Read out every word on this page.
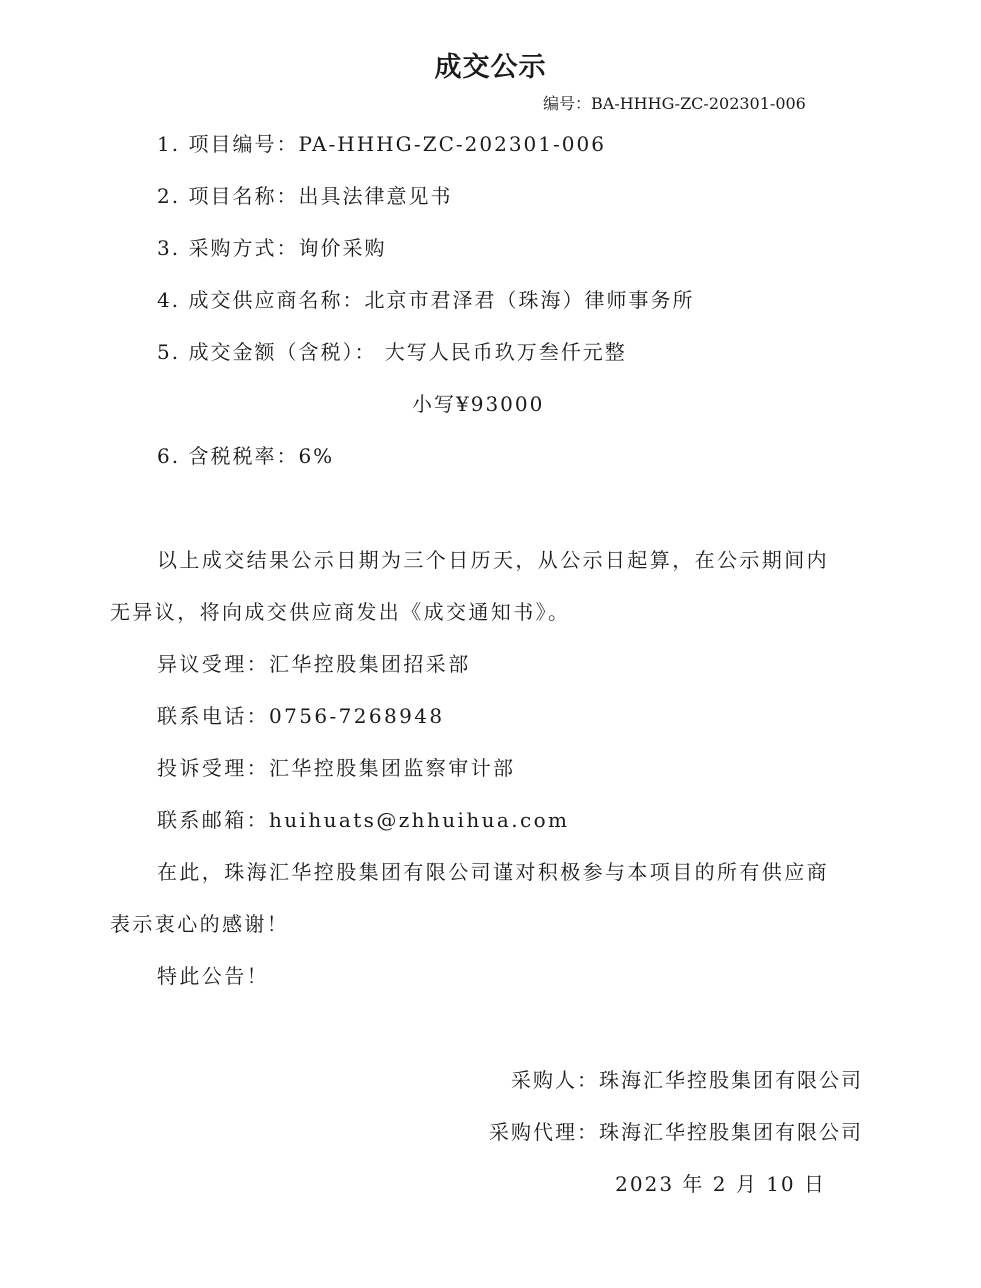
成交公示
编号：BA-HHHG-ZC-202301-006
1. 项目编号：PA-HHHG-ZC-202301-006
2. 项目名称：出具法律意见书
3. 采购方式：询价采购
4. 成交供应商名称：北京市君泽君（珠海）律师事务所
5. 成交金额（含税）： 大写人民币玖万叁仟元整
小写¥93000
6. 含税税率：6%
以上成交结果公示日期为三个日历天，从公示日起算，在公示期间内
无异议，将向成交供应商发出《成交通知书》。
异议受理：汇华控股集团招采部
联系电话：0756-7268948
投诉受理：汇华控股集团监察审计部
联系邮箱：huihuats@zhhuihua.com
在此，珠海汇华控股集团有限公司谨对积极参与本项目的所有供应商
表示衷心的感谢！
特此公告！
采购人：珠海汇华控股集团有限公司
采购代理：珠海汇华控股集团有限公司
2023 年 2 月 10 日
